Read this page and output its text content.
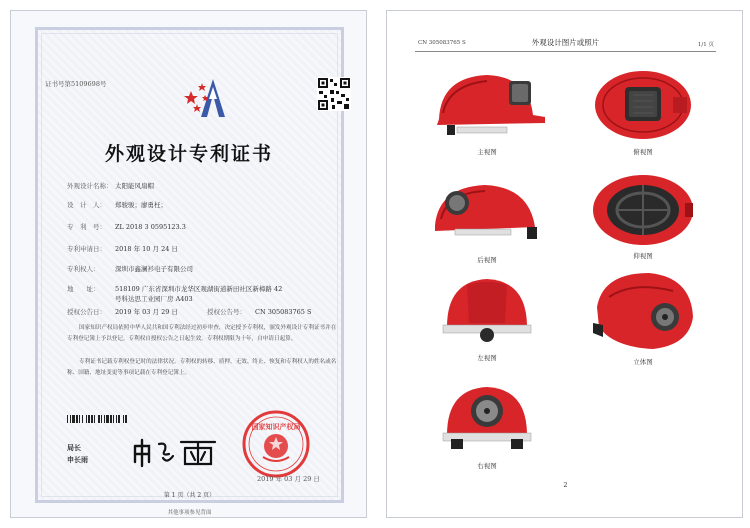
证书号第5109698号
外观设计专利证书
外观设计名称： 太阳能风扇帽
设　计　人： 郑骏骏；廖勇枉；
专　利　号： ZL 2018 3 0595123.3
专利申请日： 2018 年 10 月 24 日
专利权人： 深圳市鑫澜衫电子有限公司
地　　址： 518109 广东省深圳市龙华区观湖街道新田社区新樟路 42
号科达思工业园厂房 A403
授权公告日： 2019 年 03 月 29 日	授权公告号： CN 305083765 S
国家知识产权局依照中华人民共和国专利法经过初步审查，决定授予专利权，颁发外观设计专利证书并在专利登记簿上予以登记。专利权自授权公告之日起生效。专利权期限为十年，自申请日起算。
专利证书记载专利权登记时的法律状况。专利权的转移、质押、无效、终止、恢复和专利权人的姓名或名称、国籍、地址变更等事项记载在专利登记簿上。
局长
申长雨
国家知识产权局
2019 年 03 月 29 日
第 1 页（共 2 页）
其他事项参见背面
CN 305083765 S	外观设计图片或照片	1/1 页
主视图	俯视图
后视图	仰视图
左视图	立体图
右视图
2
